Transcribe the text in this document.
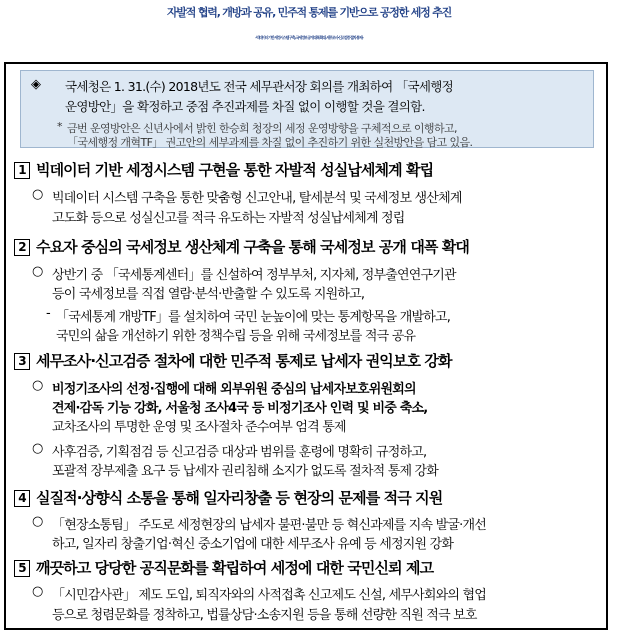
자발적 협력, 개방과 공유, 민주적 통제를 기반으로 공정한 세정 추진
- 빅데이터 기반 세정시스템 구축, 국세정보 공개 대폭 확대, 세무조사·신고검증 절차 통제 -
◈ 국세청은 1. 31.(수) 2018년도 전국 세무관서장 회의를 개최하여 「국세행정
운영방안」을 확정하고 중점 추진과제를 차질 없이 이행할 것을 결의함.
* 금번 운영방안은 신년사에서 밝힌 한승희 청장의 세정 운영방향을 구체적으로 이행하고,
「국세행정 개혁TF」 권고안의 세부과제를 차질 없이 추진하기 위한 실천방안을 담고 있음.
1 빅데이터 기반 세정시스템 구현을 통한 자발적 성실납세체계 확립
○ 빅데이터 시스템 구축을 통한 맞춤형 신고안내, 탈세분석 및 국세정보 생산체계
고도화 등으로 성실신고를 적극 유도하는 자발적 성실납세체계 정립
2 수요자 중심의 국세정보 생산체계 구축을 통해 국세정보 공개 대폭 확대
○ 상반기 중 「국세통계센터」를 신설하여 정부부처, 지자체, 정부출연연구기관
등이 국세정보를 직접 열람·분석·반출할 수 있도록 지원하고,
- 「국세통계 개방TF」를 설치하여 국민 눈높이에 맞는 통계항목을 개발하고,
국민의 삶을 개선하기 위한 정책수립 등을 위해 국세정보를 적극 공유
3 세무조사·신고검증 절차에 대한 민주적 통제로 납세자 권익보호 강화
○ 비정기조사의 선정·집행에 대해 외부위원 중심의 납세자보호위원회의
견제·감독 기능 강화, 서울청 조사4국 등 비정기조사 인력 및 비중 축소,
교차조사의 투명한 운영 및 조사절차 준수여부 엄격 통제
○ 사후검증, 기획점검 등 신고검증 대상과 범위를 훈령에 명확히 규정하고,
포괄적 장부제출 요구 등 납세자 권리침해 소지가 없도록 절차적 통제 강화
4 실질적·상향식 소통을 통해 일자리창출 등 현장의 문제를 적극 지원
○ 「현장소통팀」 주도로 세정현장의 납세자 불편·불만 등 혁신과제를 지속 발굴·개선
하고, 일자리 창출기업·혁신 중소기업에 대한 세무조사 유예 등 세정지원 강화
5 깨끗하고 당당한 공직문화를 확립하여 세정에 대한 국민신뢰 제고
○ 「시민감사관」 제도 도입, 퇴직자와의 사적접촉 신고제도 신설, 세무사회와의 협업
등으로 청렴문화를 정착하고, 법률상담·소송지원 등을 통해 선량한 직원 적극 보호
